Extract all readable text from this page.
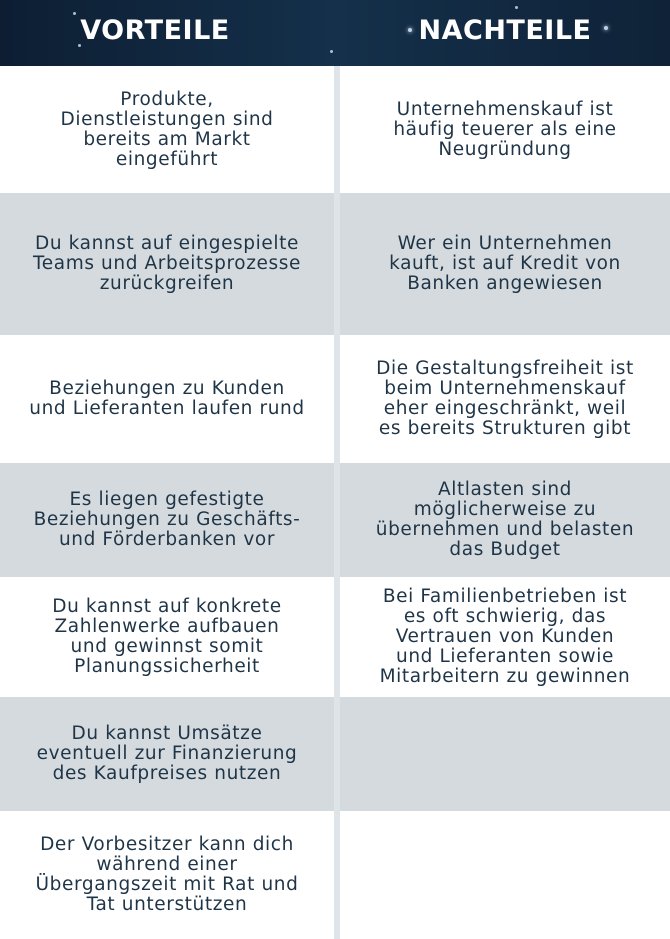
VORTEILE	NACHTEILE
Produkte,
Dienstleistungen sind
bereits am Markt
eingeführt
Unternehmenskauf ist
häufig teuerer als eine
Neugründung
Du kannst auf eingespielte
Teams und Arbeitsprozesse
zurückgreifen
Wer ein Unternehmen
kauft, ist auf Kredit von
Banken angewiesen
Beziehungen zu Kunden
und Lieferanten laufen rund
Die Gestaltungsfreiheit ist
beim Unternehmenskauf
eher eingeschränkt, weil
es bereits Strukturen gibt
Es liegen gefestigte
Beziehungen zu Geschäfts-
und Förderbanken vor
Altlasten sind
möglicherweise zu
übernehmen und belasten
das Budget
Du kannst auf konkrete
Zahlenwerke aufbauen
und gewinnst somit
Planungssicherheit
Bei Familienbetrieben ist
es oft schwierig, das
Vertrauen von Kunden
und Lieferanten sowie
Mitarbeitern zu gewinnen
Du kannst Umsätze
eventuell zur Finanzierung
des Kaufpreises nutzen
Der Vorbesitzer kann dich
während einer
Übergangszeit mit Rat und
Tat unterstützen
